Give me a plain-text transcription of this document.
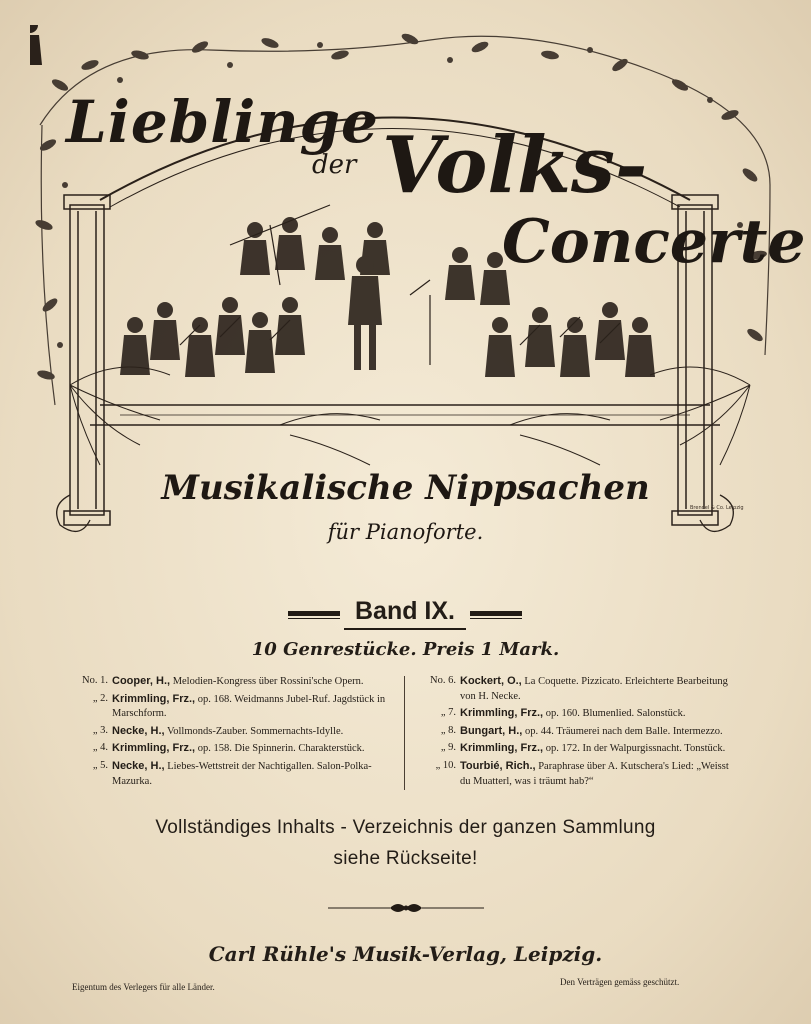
Lieblinge Volks-
der
Concerte
Musikalische Nippsachen
für Pianoforte.
Brendel & Co. Leipzig
Band IX.
10 Genrestücke. Preis 1 Mark.
No. 1. Cooper, H., Melodien-Kongress über Rossini'sche Opern.
„ 2. Krimmling, Frz., op. 168. Weidmanns Jubel-Ruf. Jagdstück in Marschform.
„ 3. Necke, H., Vollmonds-Zauber. Sommernachts-Idylle.
„ 4. Krimmling, Frz., op. 158. Die Spinnerin. Charakterstück.
„ 5. Necke, H., Liebes-Wettstreit der Nachtigallen. Salon-Polka-Mazurka.
No. 6. Kockert, O., La Coquette. Pizzicato. Erleichterte Bearbeitung von H. Necke.
„ 7. Krimmling, Frz., op. 160. Blumenlied. Salonstück.
„ 8. Bungart, H., op. 44. Träumerei nach dem Balle. Intermezzo.
„ 9. Krimmling, Frz., op. 172. In der Walpurgissnacht. Tonstück.
„ 10. Tourbié, Rich., Paraphrase über A. Kutschera's Lied: „Weisst du Muatterl, was i träumt hab?“
Vollständiges Inhalts - Verzeichnis der ganzen Sammlung
siehe Rückseite!
Carl Rühle's Musik-Verlag, Leipzig.
Eigentum des Verlegers für alle Länder.	Den Verträgen gemäss geschützt.
